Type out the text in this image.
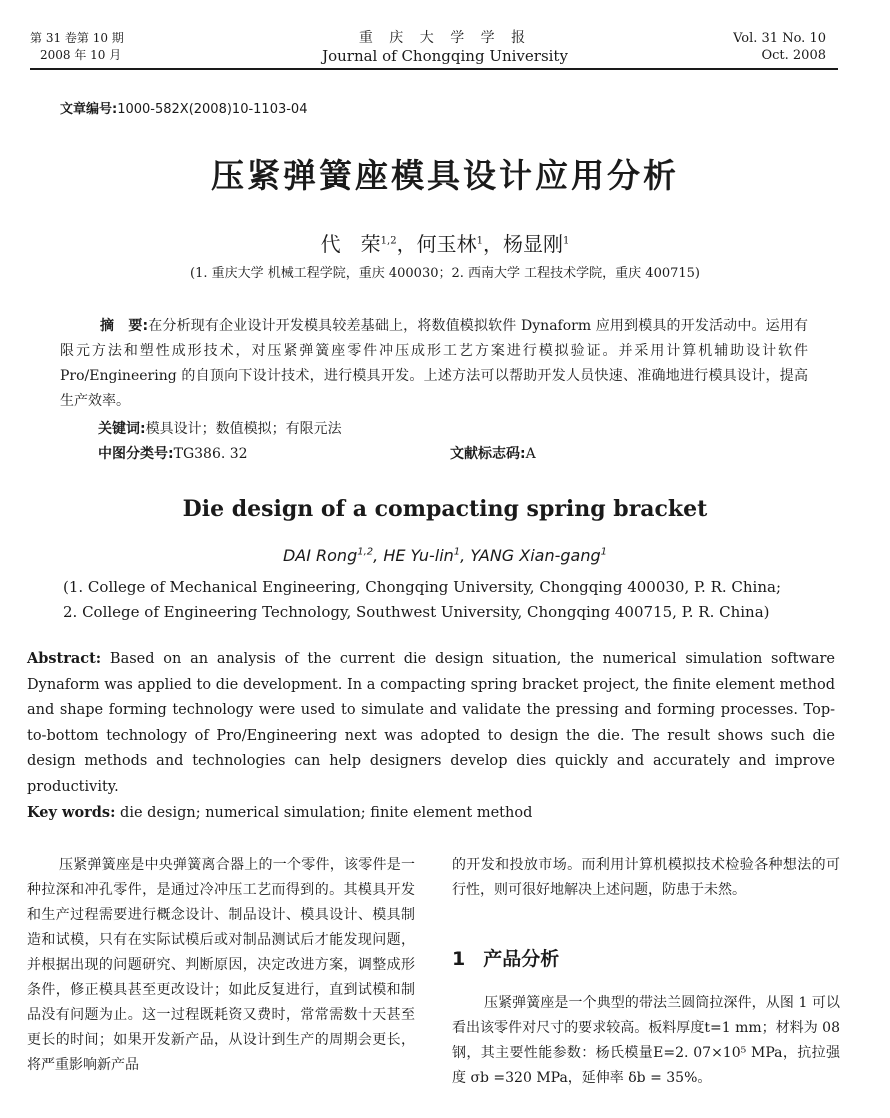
第 31 卷第 10 期
2008 年 10 月
重 庆 大 学 学 报
Journal of Chongqing University
Vol. 31 No. 10
Oct. 2008
文章编号:1000-582X(2008)10-1103-04
压紧弹簧座模具设计应用分析
代　荣$^{1,2}$，何玉林$^1$，杨显刚$^1$
(1. 重庆大学 机械工程学院，重庆 400030；2. 西南大学 工程技术学院，重庆 400715)
摘　要:在分析现有企业设计开发模具较差基础上，将数值模拟软件 Dynaform 应用到模具的开发活动中。运用有限元方法和塑性成形技术，对压紧弹簧座零件冲压成形工艺方案进行模拟验证。并采用计算机辅助设计软件 Pro/Engineering 的自顶向下设计技术，进行模具开发。上述方法可以帮助开发人员快速、准确地进行模具设计，提高生产效率。
关键词:模具设计；数值模拟；有限元法
中图分类号:TG386. 32	文献标志码:A
Die design of a compacting spring bracket
DAI Rong$^{1,2}$, HE Yu-lin$^1$, YANG Xian-gang$^1$
(1. College of Mechanical Engineering, Chongqing University, Chongqing 400030, P. R. China;
2. College of Engineering Technology, Southwest University, Chongqing 400715, P. R. China)
Abstract: Based on an analysis of the current die design situation, the numerical simulation software Dynaform was applied to die development. In a compacting spring bracket project, the finite element method and shape forming technology were used to simulate and validate the pressing and forming processes. Top-to-bottom technology of Pro/Engineering next was adopted to design the die. The result shows such die design methods and technologies can help designers develop dies quickly and accurately and improve productivity.
Key words: die design; numerical simulation; finite element method
压紧弹簧座是中央弹簧离合器上的一个零件，该零件是一种拉深和冲孔零件，是通过冷冲压工艺而得到的。其模具开发和生产过程需要进行概念设计、制品设计、模具设计、模具制造和试模，只有在实际试模后或对制品测试后才能发现问题，并根据出现的问题研究、判断原因，决定改进方案，调整成形条件，修正模具甚至更改设计；如此反复进行，直到试模和制品没有问题为止。这一过程既耗资又费时，常常需数十天甚至更长的时间；如果开发新产品，从设计到生产的周期会更长，将严重影响新产品
的开发和投放市场。而利用计算机模拟技术检验各种想法的可行性，则可很好地解决上述问题，防患于未然。
1 产品分析
压紧弹簧座是一个典型的带法兰圆筒拉深件，从图 1 可以看出该零件对尺寸的要求较高。板料厚度t=1 mm；材料为 08 钢，其主要性能参数：杨氏模量E=2. 07×10⁵ MPa，抗拉强度 σb =320 MPa，延伸率 δb = 35%。
